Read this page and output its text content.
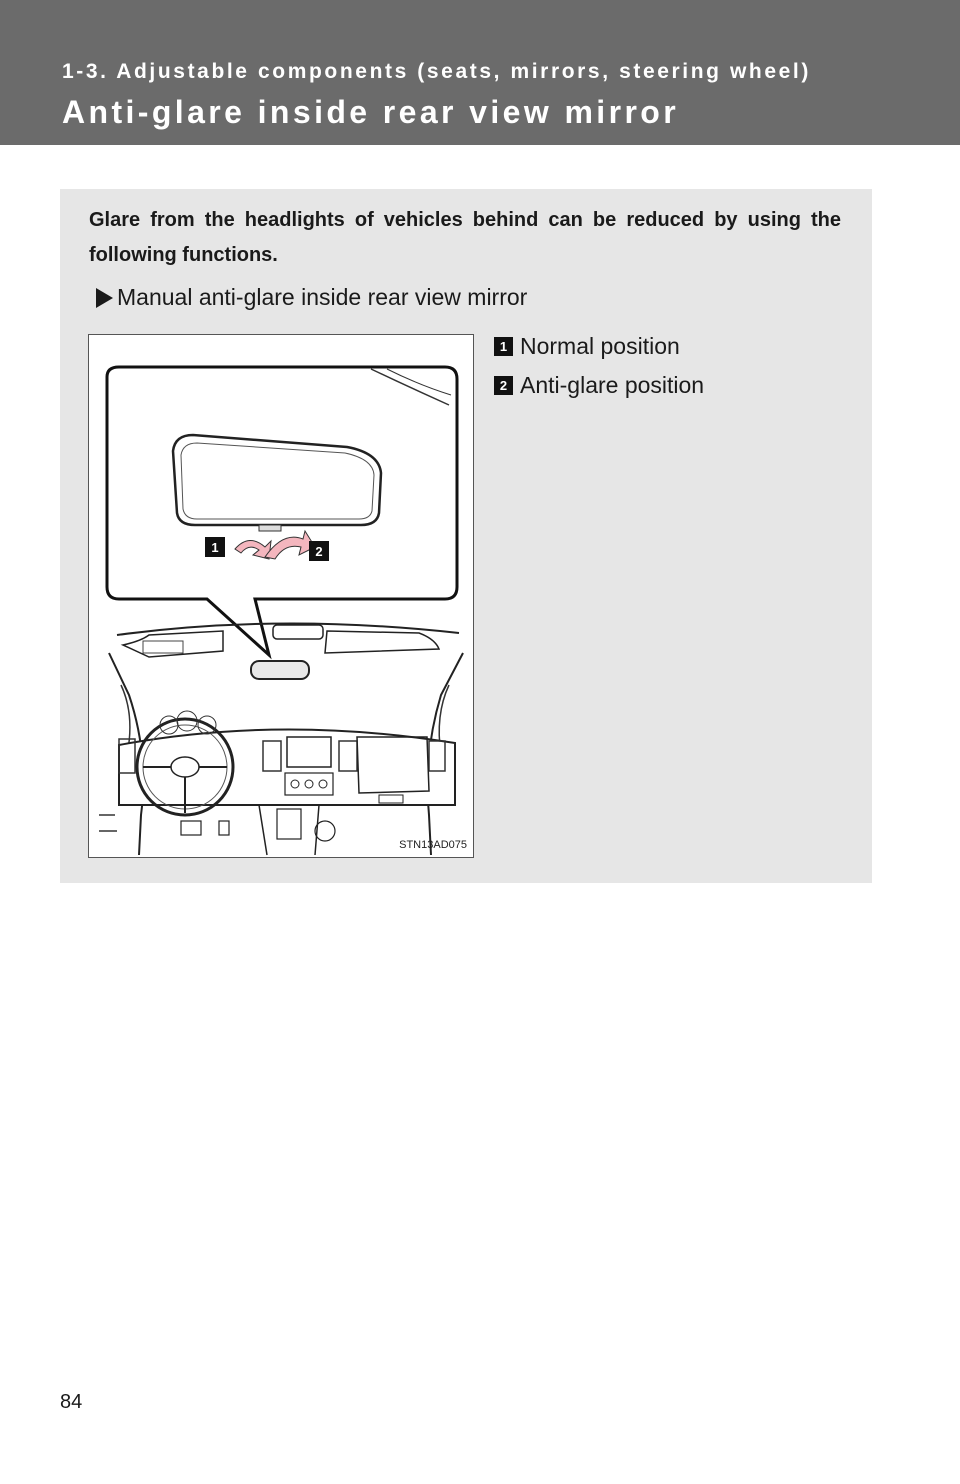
1-3. Adjustable components (seats, mirrors, steering wheel)
Anti-glare inside rear view mirror
Glare from the headlights of vehicles behind can be reduced by using the following functions.
Manual anti-glare inside rear view mirror
1	2
STN13AD075
1 Normal position
2 Anti-glare position
84
